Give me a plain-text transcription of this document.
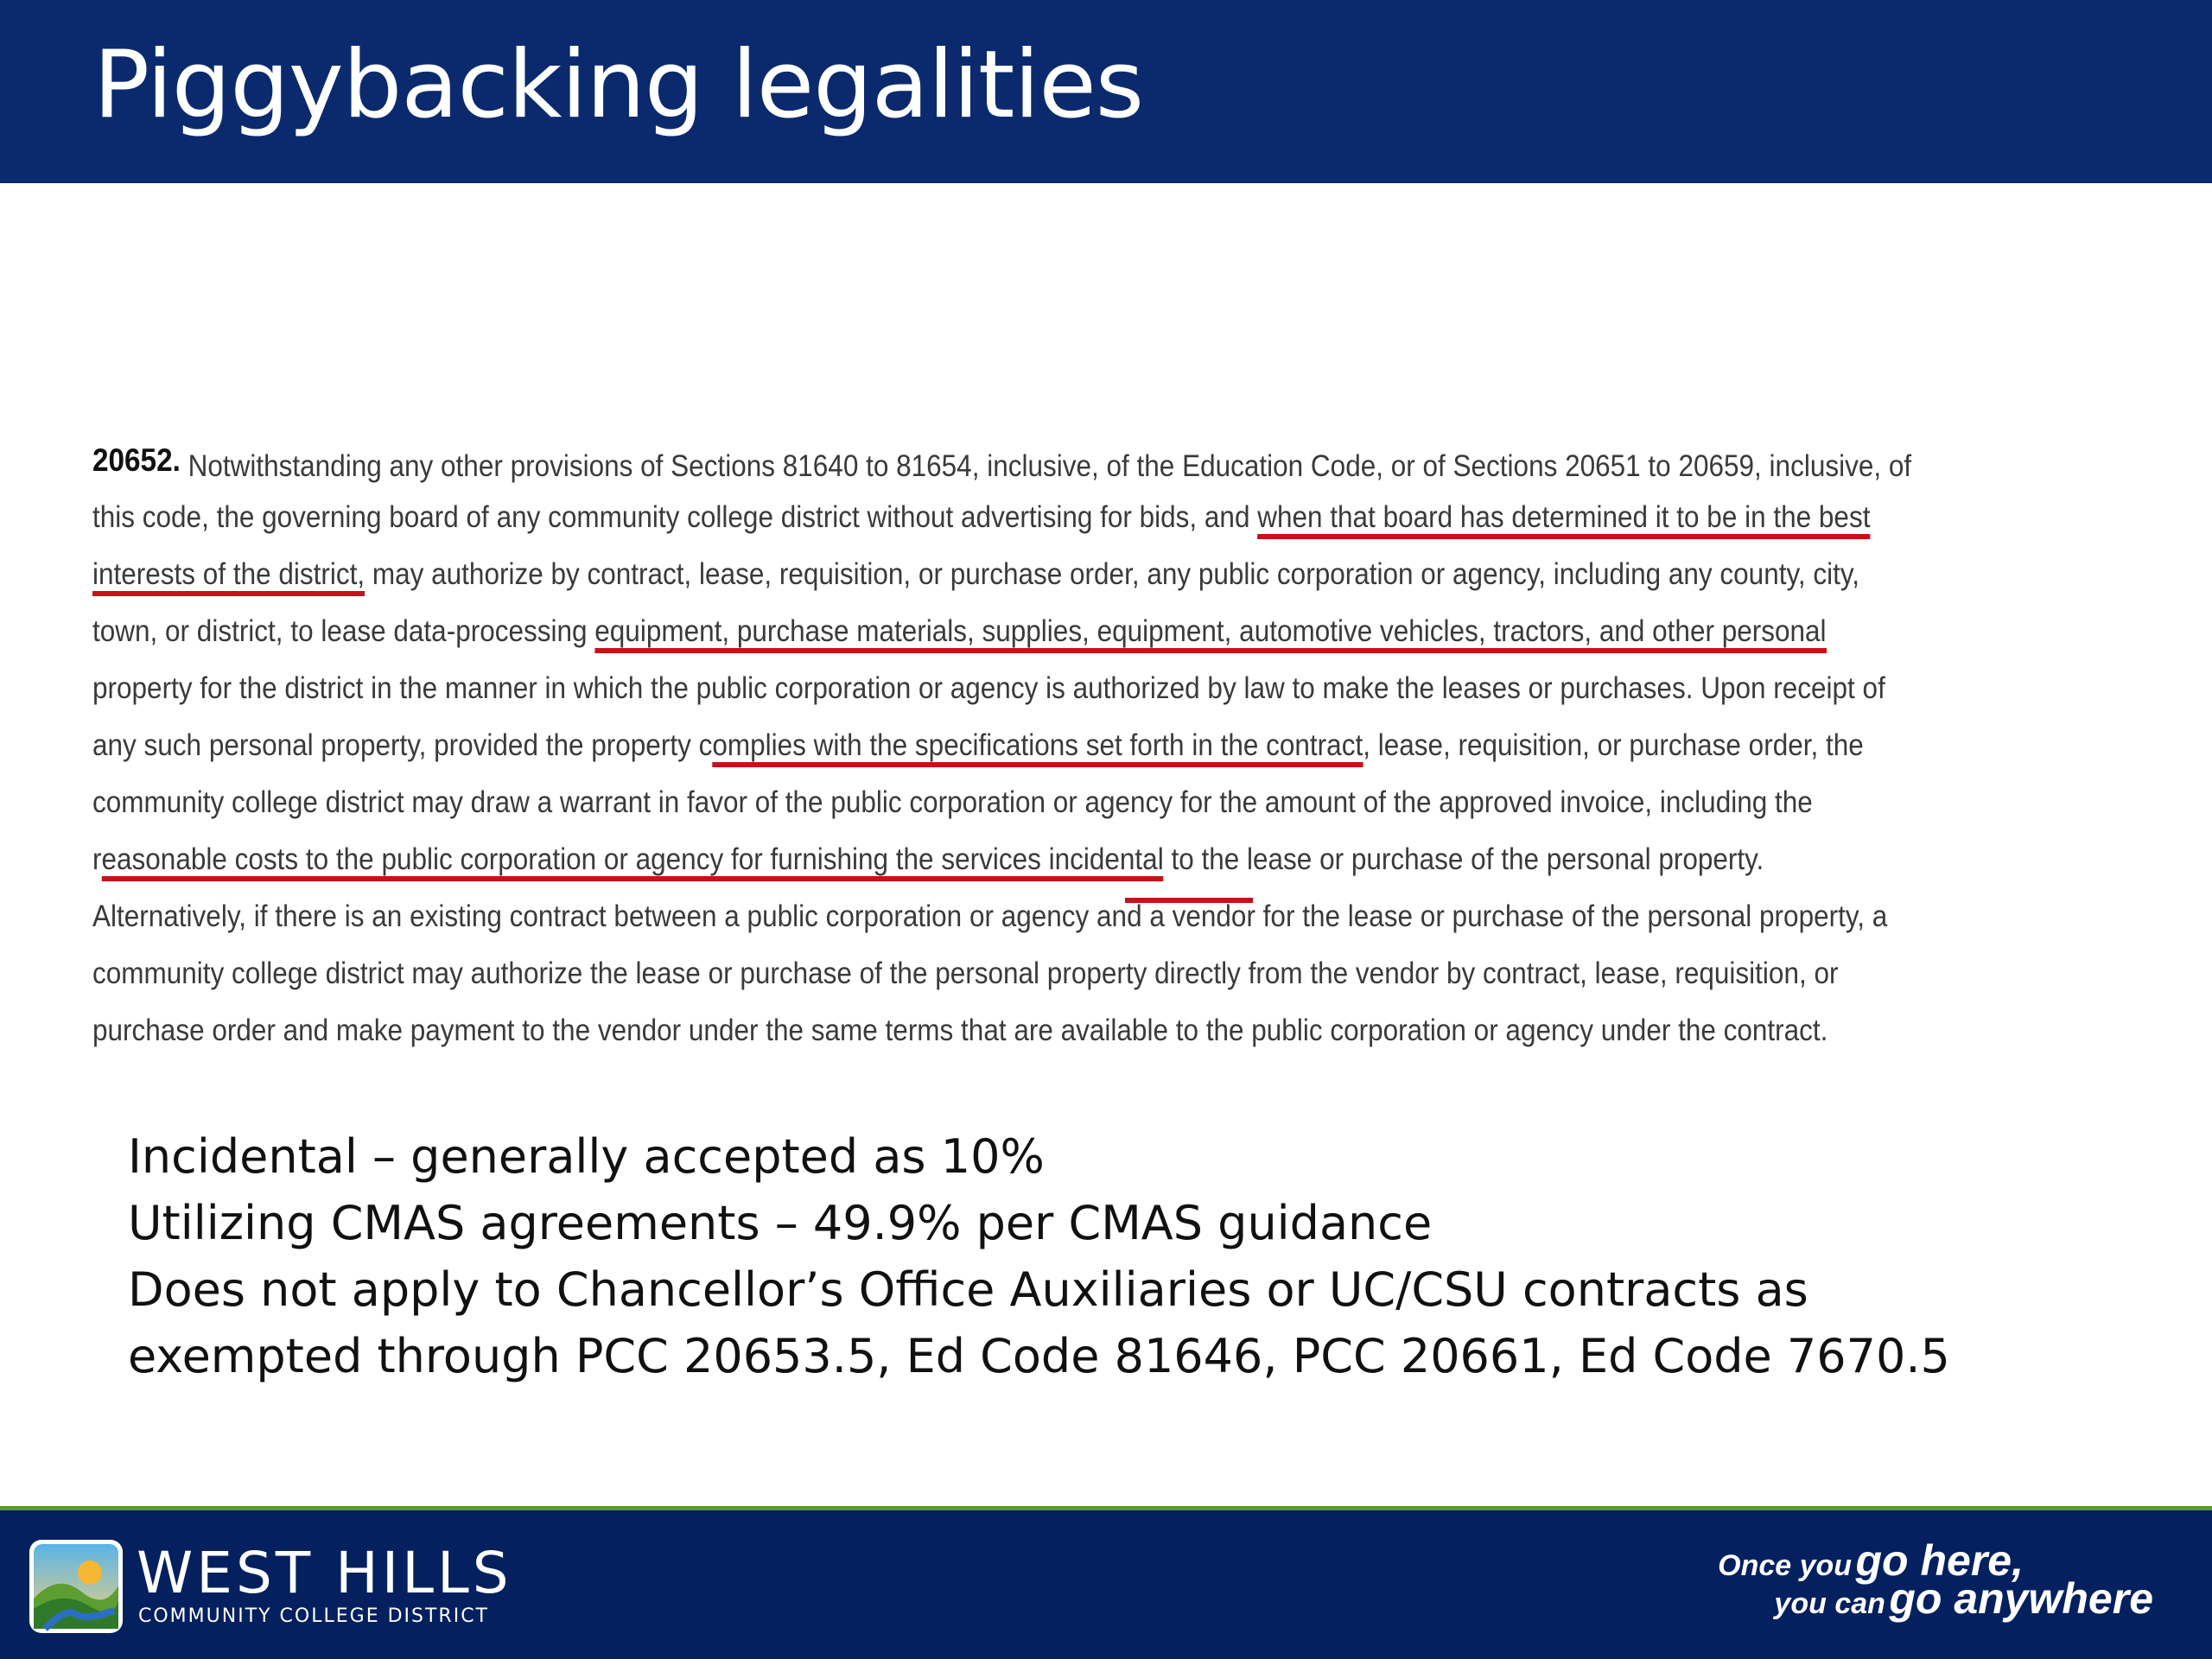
Piggybacking legalities
20652. Notwithstanding any other provisions of Sections 81640 to 81654, inclusive, of the Education Code, or of Sections 20651 to 20659, inclusive, of
this code, the governing board of any community college district without advertising for bids, and when that board has determined it to be in the best
interests of the district, may authorize by contract, lease, requisition, or purchase order, any public corporation or agency, including any county, city,
town, or district, to lease data-processing equipment, purchase materials, supplies, equipment, automotive vehicles, tractors, and other personal
property for the district in the manner in which the public corporation or agency is authorized by law to make the leases or purchases. Upon receipt of
any such personal property, provided the property complies with the specifications set forth in the contract, lease, requisition, or purchase order, the
community college district may draw a warrant in favor of the public corporation or agency for the amount of the approved invoice, including the
reasonable costs to the public corporation or agency for furnishing the services incidental to the lease or purchase of the personal property.
Alternatively, if there is an existing contract between a public corporation or agency and a vendor for the lease or purchase of the personal property, a
community college district may authorize the lease or purchase of the personal property directly from the vendor by contract, lease, requisition, or
purchase order and make payment to the vendor under the same terms that are available to the public corporation or agency under the contract.
Incidental – generally accepted as 10%
Utilizing CMAS agreements – 49.9% per CMAS guidance
Does not apply to Chancellor’s Office Auxiliaries or UC/CSU contracts as
exempted through PCC 20653.5, Ed Code 81646, PCC 20661, Ed Code 7670.5
WEST HILLS
COMMUNITY COLLEGE DISTRICT
Once you go here,
you can go anywhere
